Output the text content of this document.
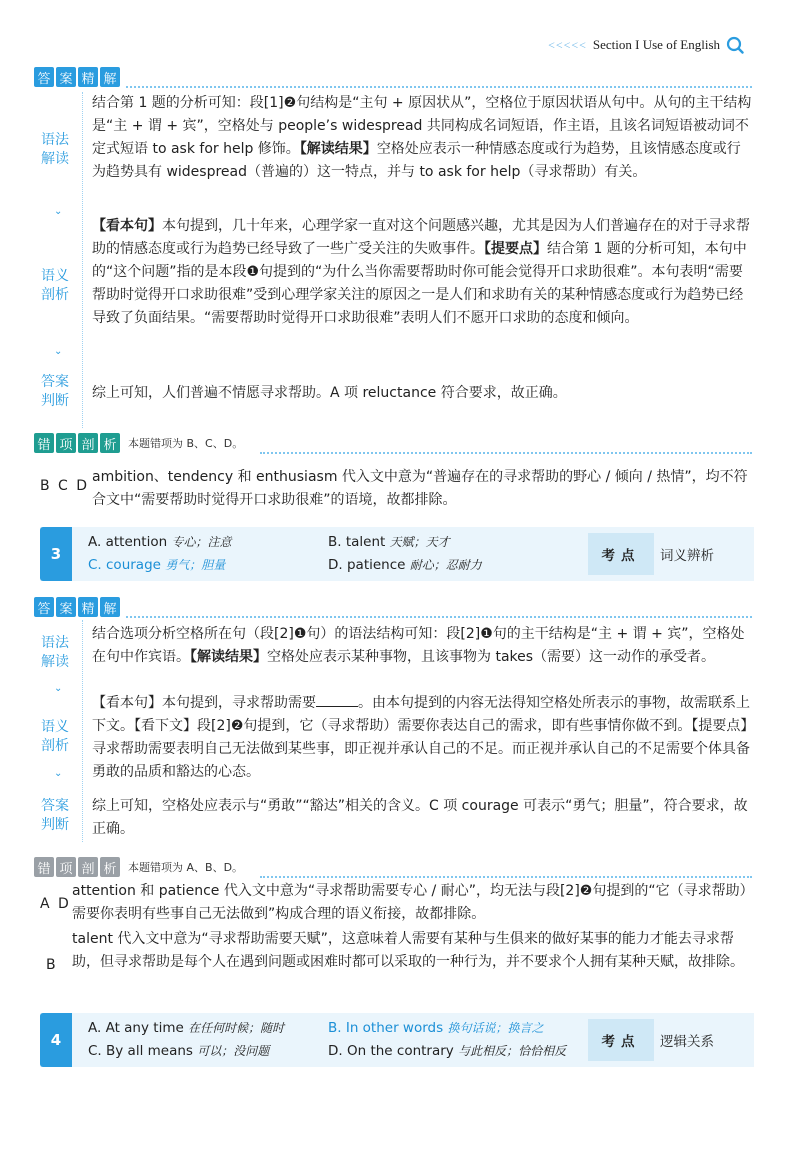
<<<<< Section I Use of English
答 案 精 解
语法
解读
⌄
结合第 1 题的分析可知：段[1]❷句结构是“主句 + 原因状从”，空格位于原因状语从句中。从句的主干结构是“主 + 谓 + 宾”，空格处与 people’s widespread 共同构成名词短语，作主语，且该名词短语被动词不定式短语 to ask for help 修饰。【解读结果】空格处应表示一种情感态度或行为趋势，且该情感态度或行为趋势具有 widespread（普遍的）这一特点，并与 to ask for help（寻求帮助）有关。
语义
剖析
⌄
【看本句】本句提到，几十年来，心理学家一直对这个问题感兴趣，尤其是因为人们普遍存在的对于寻求帮助的情感态度或行为趋势已经导致了一些广受关注的失败事件。【提要点】结合第 1 题的分析可知，本句中的“这个问题”指的是本段❶句提到的“为什么当你需要帮助时你可能会觉得开口求助很难”。本句表明“需要帮助时觉得开口求助很难”受到心理学家关注的原因之一是人们和求助有关的某种情感态度或行为趋势已经导致了负面结果。“需要帮助时觉得开口求助很难”表明人们不愿开口求助的态度和倾向。
答案
判断	综上可知，人们普遍不情愿寻求帮助。A 项 reluctance 符合要求，故正确。
错 项 剖 析	本题错项为 B、C、D。
B C D
ambition、tendency 和 enthusiasm 代入文中意为“普遍存在的寻求帮助的野心 / 倾向 / 热情”，均不符合文中“需要帮助时觉得开口求助很难”的语境，故都排除。
3
A. attention 专心；注意	B. talent 天赋；天才
C. courage 勇气；胆量	D. patience 耐心；忍耐力
考点	词义辨析
答 案 精 解
语法
解读
⌄
结合选项分析空格所在句（段[2]❶句）的语法结构可知：段[2]❶句的主干结构是“主 + 谓 + 宾”，空格处在句中作宾语。【解读结果】空格处应表示某种事物，且该事物为 takes（需要）这一动作的承受者。
语义
剖析
⌄
【看本句】本句提到，寻求帮助需要	。由本句提到的内容无法得知空格处所表示的事物，故需联系上下文。【看下文】段[2]❷句提到，它（寻求帮助）需要你表达自己的需求，即有些事情你做不到。【提要点】寻求帮助需要表明自己无法做到某些事，即正视并承认自己的不足。而正视并承认自己的不足需要个体具备勇敢的品质和豁达的心态。
答案
判断
综上可知，空格处应表示与“勇敢”“豁达”相关的含义。C 项 courage 可表示“勇气；胆量”，符合要求，故正确。
错 项 剖 析	本题错项为 A、B、D。
A D
attention 和 patience 代入文中意为“寻求帮助需要专心 / 耐心”，均无法与段[2]❷句提到的“它（寻求帮助）需要你表明有些事自己无法做到”构成合理的语义衔接，故都排除。
B
talent 代入文中意为“寻求帮助需要天赋”，这意味着人需要有某种与生俱来的做好某事的能力才能去寻求帮助，但寻求帮助是每个人在遇到问题或困难时都可以采取的一种行为，并不要求个人拥有某种天赋，故排除。
4
A. At any time 在任何时候；随时	B. In other words 换句话说；换言之
C. By all means 可以；没问题	D. On the contrary 与此相反；恰恰相反
考点	逻辑关系
